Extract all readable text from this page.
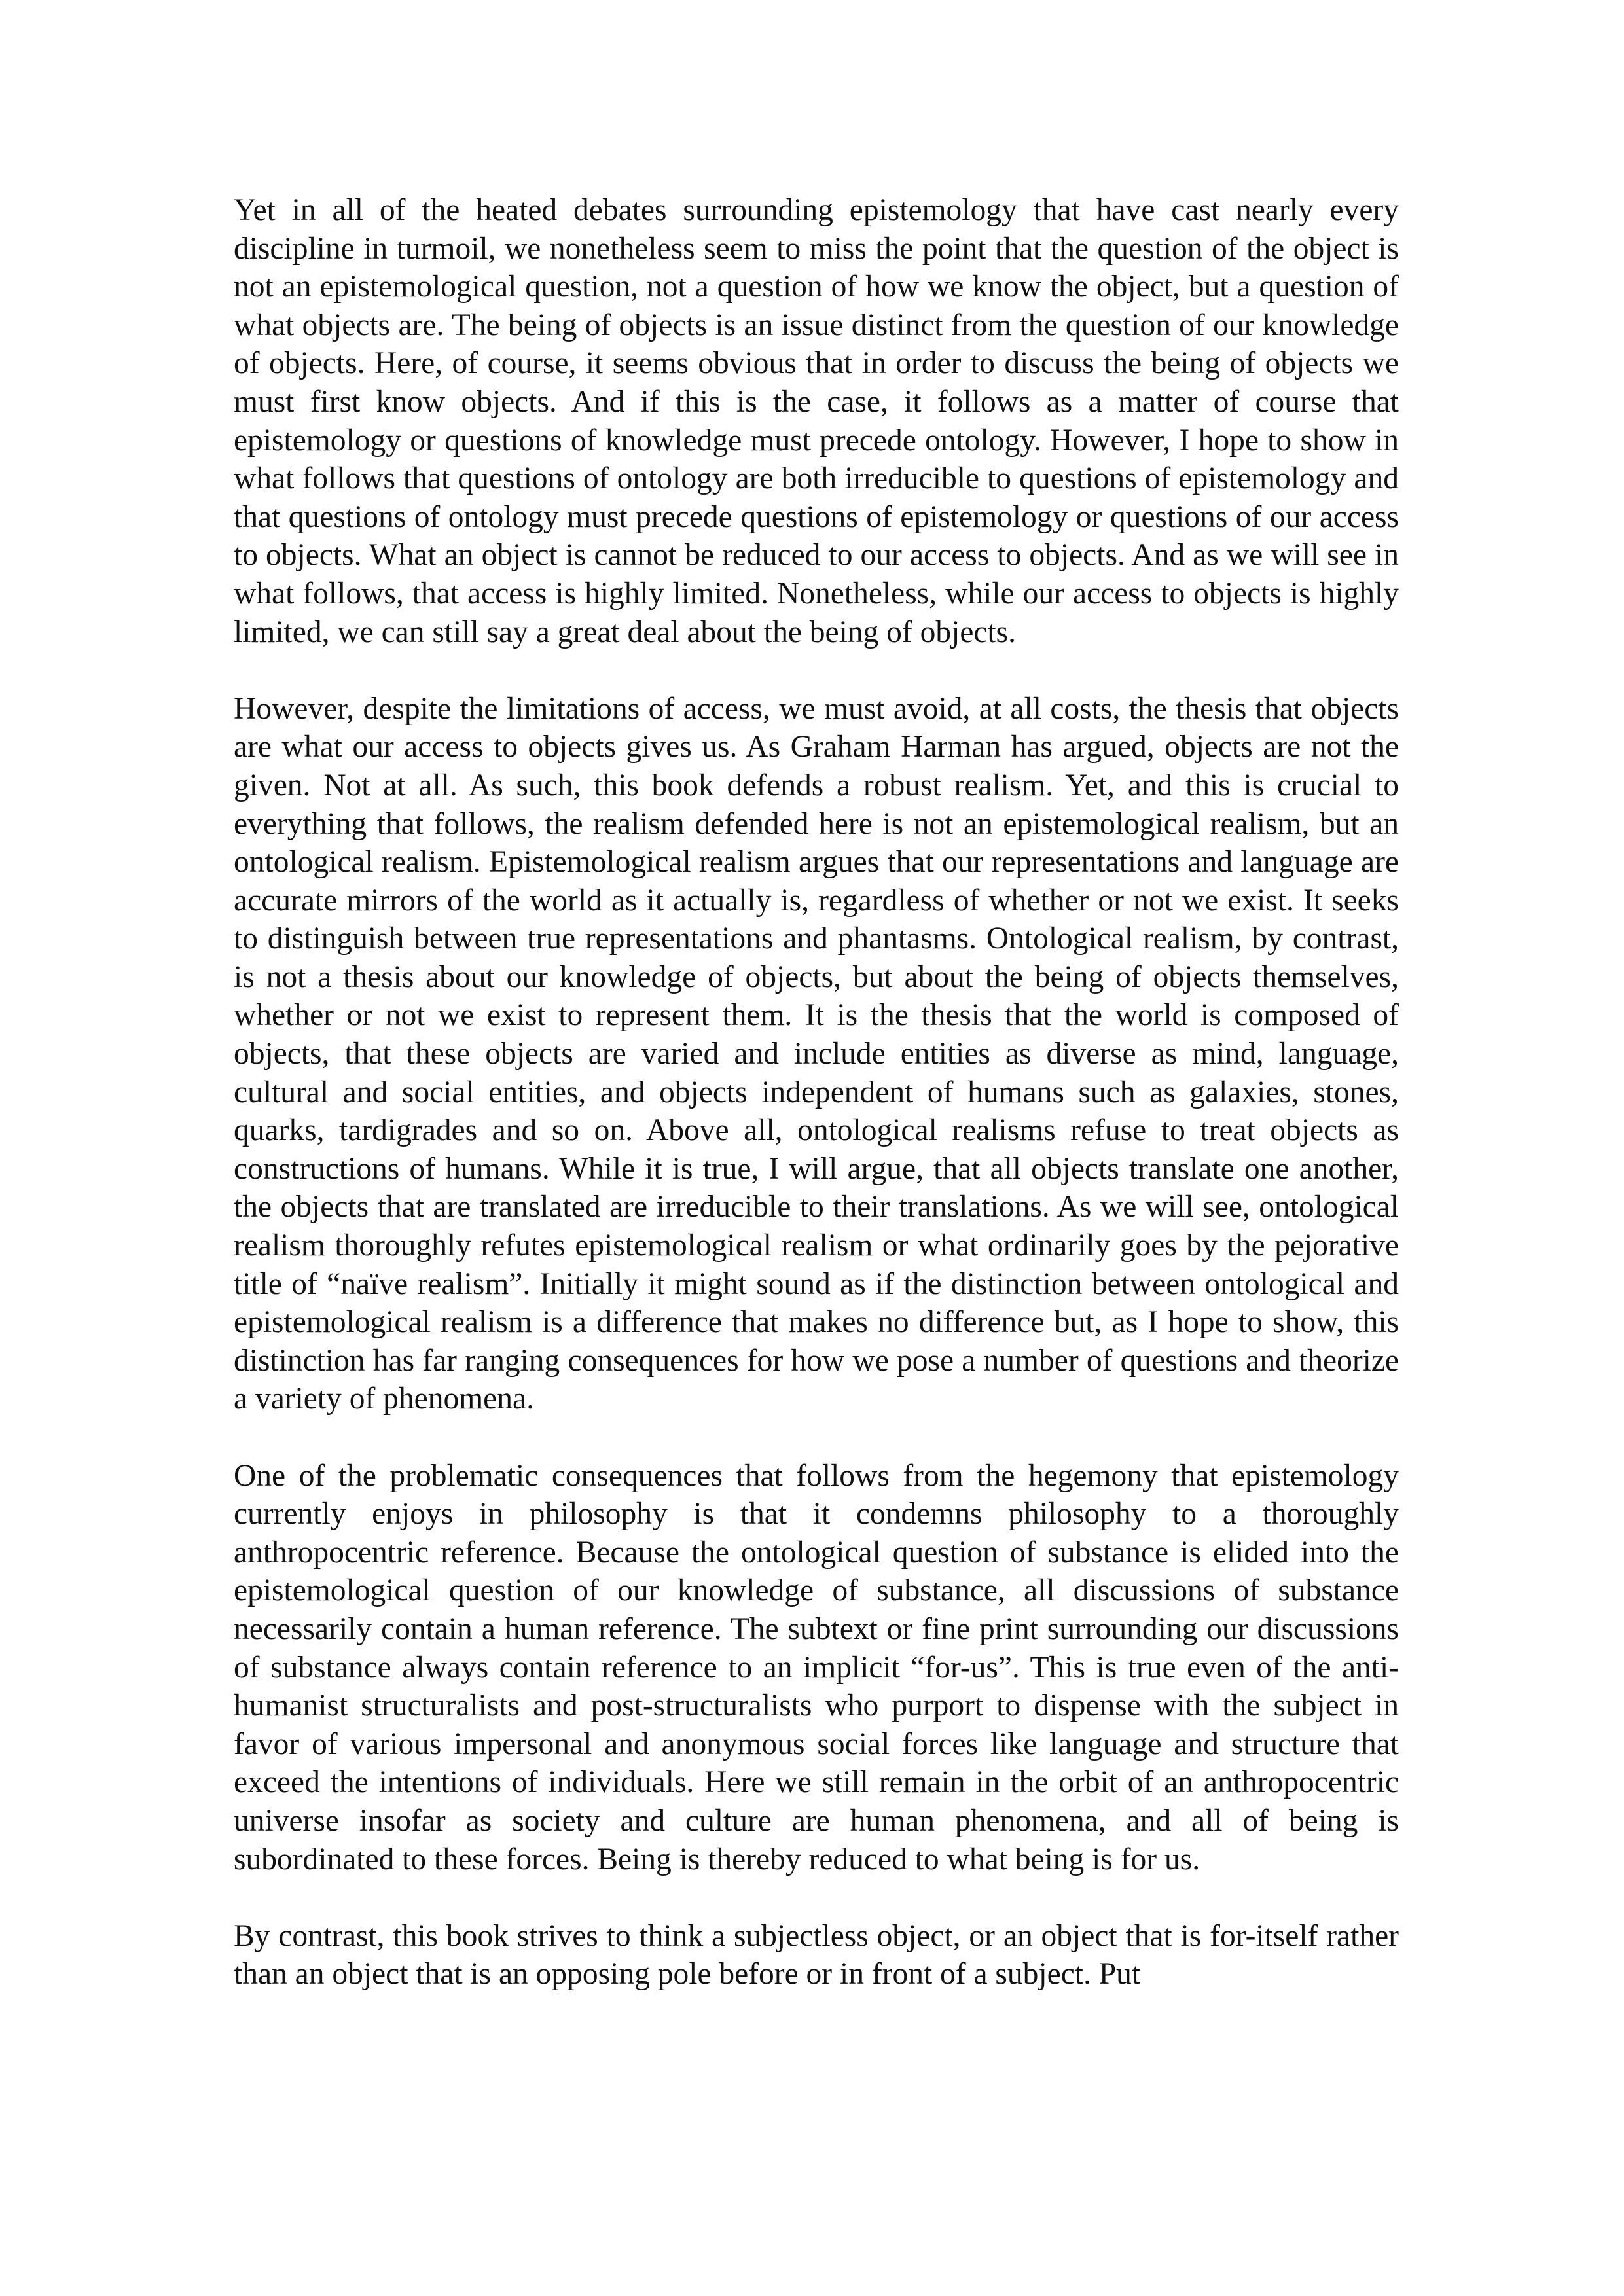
Yet in all of the heated debates surrounding epistemology that have cast nearly every discipline in turmoil, we nonetheless seem to miss the point that the question of the object is not an epistemological question, not a question of how we know the object, but a question of what objects are. The being of objects is an issue distinct from the question of our knowledge of objects. Here, of course, it seems obvious that in order to discuss the being of objects we must first know objects. And if this is the case, it follows as a matter of course that epistemology or questions of knowledge must precede ontology. However, I hope to show in what follows that questions of ontology are both irreducible to questions of epistemology and that questions of ontology must precede questions of epistemology or questions of our access to objects. What an object is cannot be reduced to our access to objects. And as we will see in what follows, that access is highly limited. Nonetheless, while our access to objects is highly limited, we can still say a great deal about the being of objects.

However, despite the limitations of access, we must avoid, at all costs, the thesis that objects are what our access to objects gives us. As Graham Harman has argued, objects are not the given. Not at all. As such, this book defends a robust realism. Yet, and this is crucial to everything that follows, the realism defended here is not an epistemological realism, but an ontological realism. Epistemological realism argues that our representations and language are accurate mirrors of the world as it actually is, regardless of whether or not we exist. It seeks to distinguish between true representations and phantasms. Ontological realism, by contrast, is not a thesis about our knowledge of objects, but about the being of objects themselves, whether or not we exist to represent them. It is the thesis that the world is composed of objects, that these objects are varied and include entities as diverse as mind, language, cultural and social entities, and objects independent of humans such as galaxies, stones, quarks, tardigrades and so on. Above all, ontological realisms refuse to treat objects as constructions of humans. While it is true, I will argue, that all objects translate one another, the objects that are translated are irreducible to their translations. As we will see, ontological realism thoroughly refutes epistemological realism or what ordinarily goes by the pejorative title of “naïve realism”. Initially it might sound as if the distinction between ontological and epistemological realism is a difference that makes no difference but, as I hope to show, this distinction has far ranging consequences for how we pose a number of questions and theorize a variety of phenomena.

One of the problematic consequences that follows from the hegemony that epistemology currently enjoys in philosophy is that it condemns philosophy to a thoroughly anthropocentric reference. Because the ontological question of substance is elided into the epistemological question of our knowledge of substance, all discussions of substance necessarily contain a human reference. The subtext or fine print surrounding our discussions of substance always contain reference to an implicit “for-us”. This is true even of the anti-humanist structuralists and post-structuralists who purport to dispense with the subject in favor of various impersonal and anonymous social forces like language and structure that exceed the intentions of individuals. Here we still remain in the orbit of an anthropocentric universe insofar as society and culture are human phenomena, and all of being is subordinated to these forces. Being is thereby reduced to what being is for us.

By contrast, this book strives to think a subjectless object, or an object that is for-itself rather than an object that is an opposing pole before or in front of a subject. Put
